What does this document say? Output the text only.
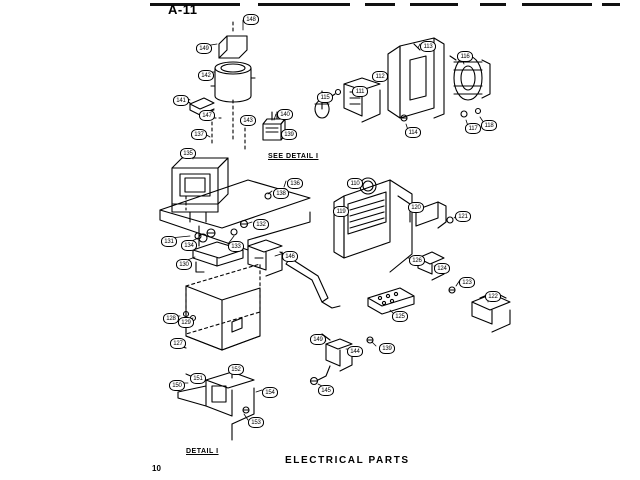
A-11
ELECTRICAL PARTS
10
SEE DETAIL I
DETAIL I
148
149
142
141
147
143
140
139
137
135
136
138
132
131
134	133
130
146
128
129
127
150
151
152
154
153
113
116
112
111
115
114
117	118
110
119
120
121
126
124
123
122
125
149
144
145
139
